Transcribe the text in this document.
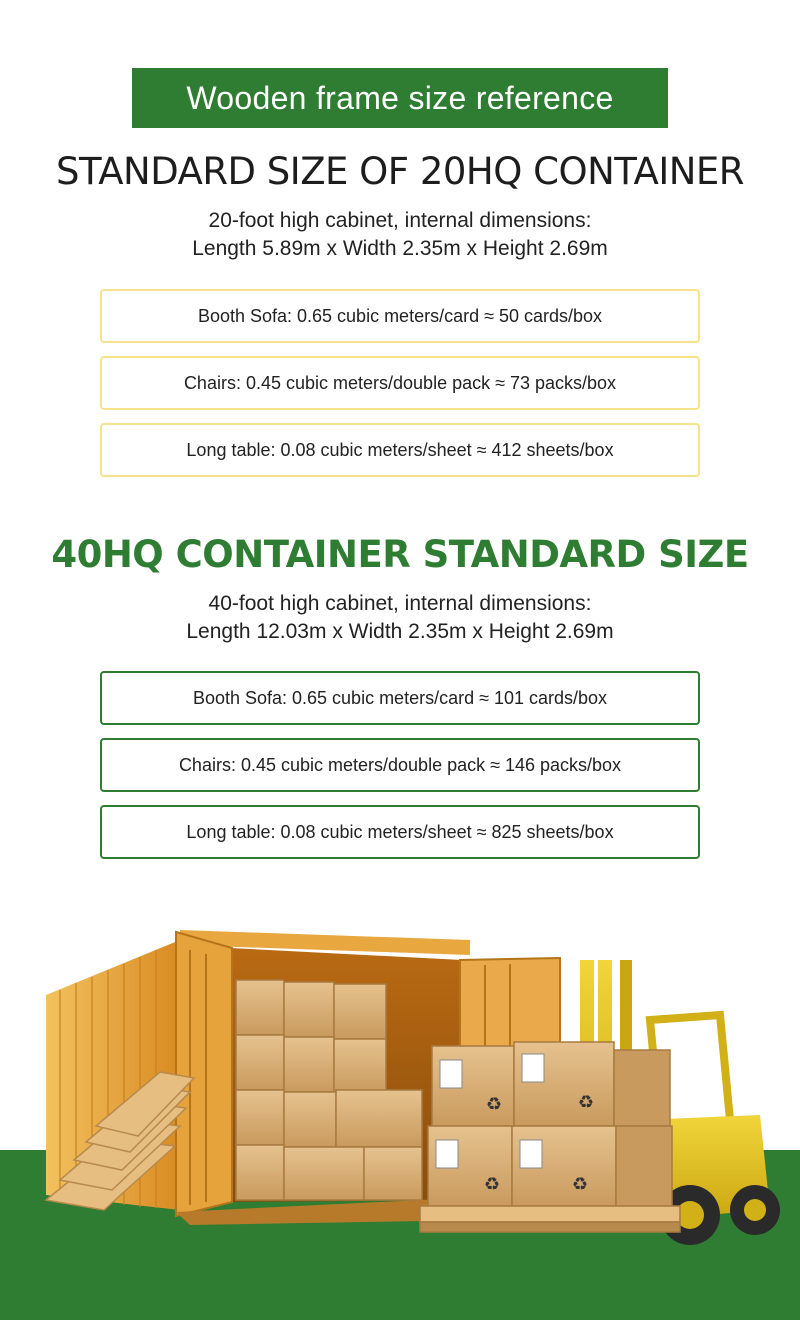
Wooden frame size reference
STANDARD SIZE OF 20HQ CONTAINER
20-foot high cabinet, internal dimensions:
Length 5.89m x Width 2.35m x Height 2.69m
Booth Sofa: 0.65 cubic meters/card ≈ 50 cards/box
Chairs: 0.45 cubic meters/double pack ≈ 73 packs/box
Long table: 0.08 cubic meters/sheet ≈ 412 sheets/box
40HQ CONTAINER STANDARD SIZE
40-foot high cabinet, internal dimensions:
Length 12.03m x Width 2.35m x Height 2.69m
Booth Sofa: 0.65 cubic meters/card ≈ 101 cards/box
Chairs: 0.45 cubic meters/double pack ≈ 146 packs/box
Long table: 0.08 cubic meters/sheet ≈ 825 sheets/box
♻	♻
♻	♻
